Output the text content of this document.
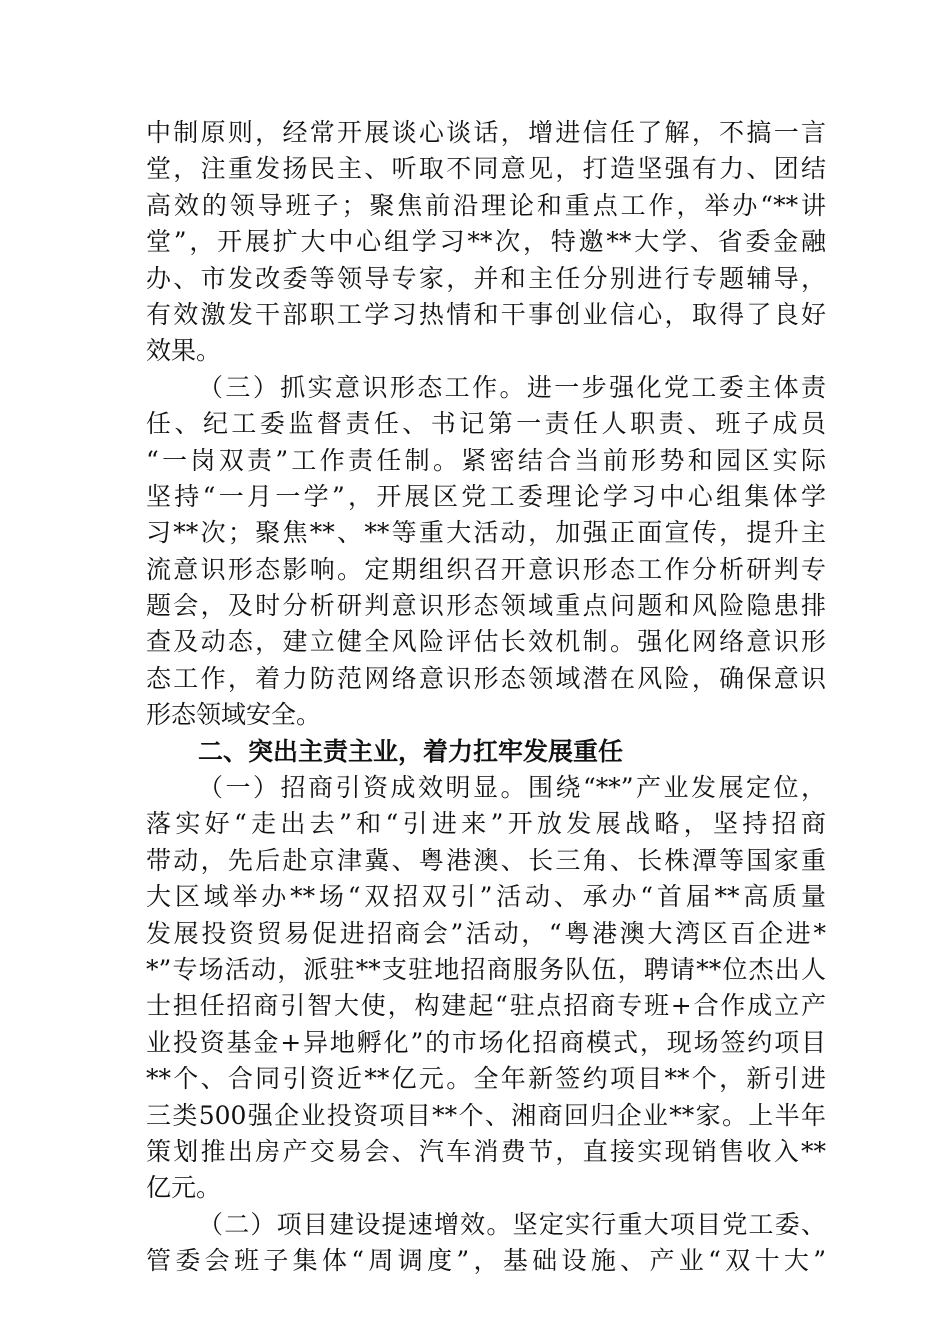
中制原则，经常开展谈心谈话，增进信任了解，不搞一言
堂，注重发扬民主、听取不同意见，打造坚强有力、团结
高效的领导班子；聚焦前沿理论和重点工作，举办“**讲
堂”，开展扩大中心组学习**次，特邀**大学、省委金融
办、市发改委等领导专家，并和主任分别进行专题辅导，
有效激发干部职工学习热情和干事创业信心，取得了良好
效果。
（三）抓实意识形态工作。进一步强化党工委主体责
任、纪工委监督责任、书记第一责任人职责、班子成员
“一岗双责”工作责任制。紧密结合当前形势和园区实际
坚持“一月一学”，开展区党工委理论学习中心组集体学
习**次；聚焦**、**等重大活动，加强正面宣传，提升主
流意识形态影响。定期组织召开意识形态工作分析研判专
题会，及时分析研判意识形态领域重点问题和风险隐患排
查及动态，建立健全风险评估长效机制。强化网络意识形
态工作，着力防范网络意识形态领域潜在风险，确保意识
形态领域安全。
二、突出主责主业，着力扛牢发展重任
（一）招商引资成效明显。围绕“**”产业发展定位，
落实好“走出去”和“引进来”开放发展战略，坚持招商
带动，先后赴京津冀、粤港澳、长三角、长株潭等国家重
大区域举办**场“双招双引”活动、承办“首届**高质量
发展投资贸易促进招商会”活动，“粤港澳大湾区百企进*
*”专场活动，派驻**支驻地招商服务队伍，聘请**位杰出人
士担任招商引智大使，构建起“驻点招商专班+合作成立产
业投资基金+异地孵化”的市场化招商模式，现场签约项目
**个、合同引资近**亿元。全年新签约项目**个，新引进
三类500强企业投资项目**个、湘商回归企业**家。上半年
策划推出房产交易会、汽车消费节，直接实现销售收入**
亿元。
（二）项目建设提速增效。坚定实行重大项目党工委、
管委会班子集体“周调度”，基础设施、产业“双十大”
